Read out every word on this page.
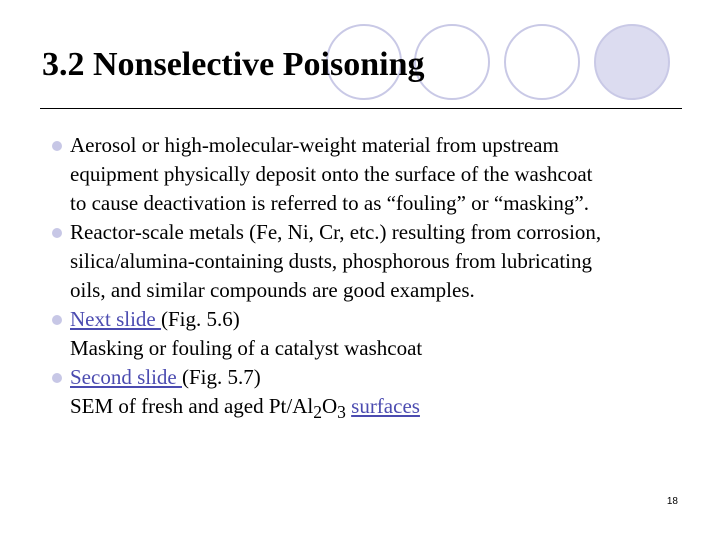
3.2 Nonselective Poisoning
Aerosol or high-molecular-weight material from upstream
equipment physically deposit onto the surface of the washcoat
to cause deactivation is referred to as “fouling” or “masking”.
Reactor-scale metals (Fe, Ni, Cr, etc.) resulting from corrosion,
silica/alumina-containing dusts, phosphorous from lubricating
oils, and similar compounds are good examples.
Next slide (Fig. 5.6)
Masking or fouling of a catalyst washcoat
Second slide (Fig. 5.7)
SEM of fresh and aged $Pt/Al_2O_3$ surfaces
18
